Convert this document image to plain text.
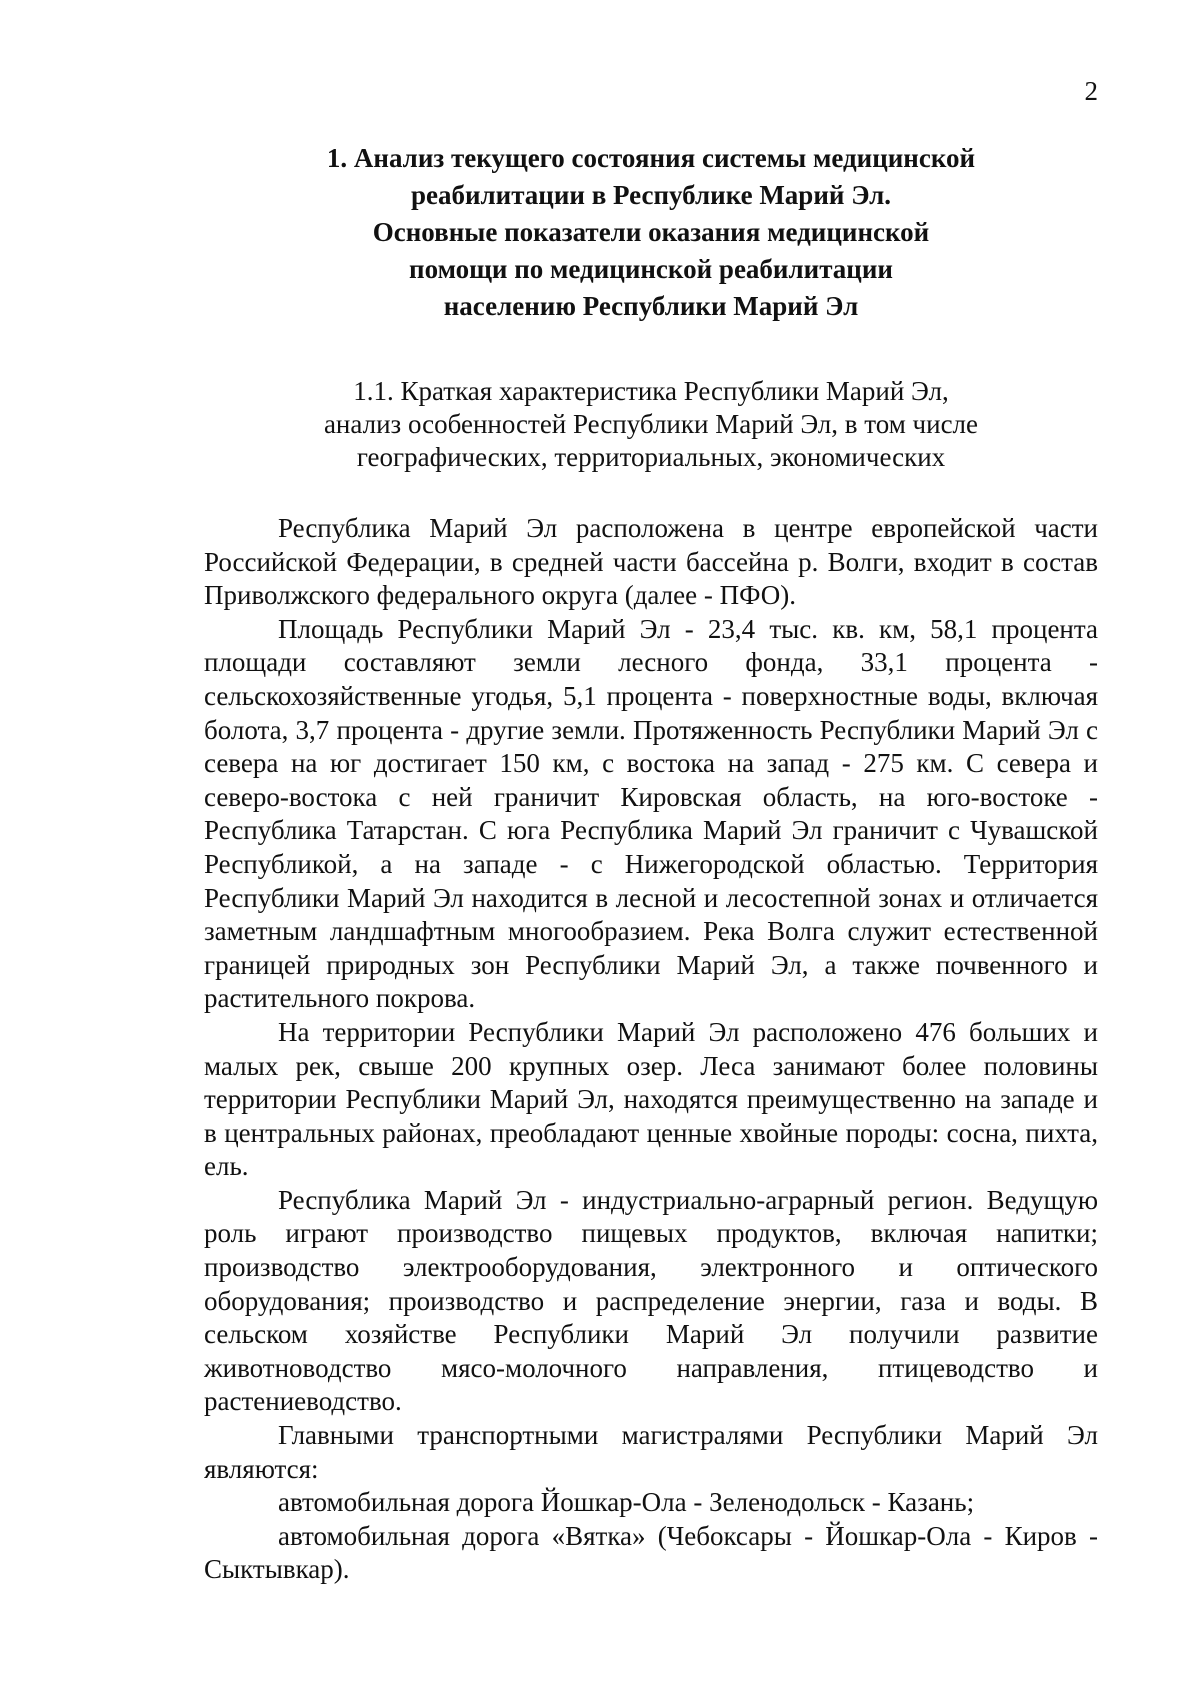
2
1. Анализ текущего состояния системы медицинской
реабилитации в Республике Марий Эл.
Основные показатели оказания медицинской
помощи по медицинской реабилитации
населению Республики Марий Эл
1.1. Краткая характеристика Республики Марий Эл,
анализ особенностей Республики Марий Эл, в том числе
географических, территориальных, экономических

Республика Марий Эл расположена в центре европейской части Российской Федерации, в средней части бассейна р. Волги, входит в состав Приволжского федерального округа (далее - ПФО).

Площадь Республики Марий Эл - 23,4 тыс. кв. км, 58,1 процента площади составляют земли лесного фонда, 33,1 процента - сельскохозяйственные угодья, 5,1 процента - поверхностные воды, включая болота, 3,7 процента - другие земли. Протяженность Республики Марий Эл с севера на юг достигает 150 км, с востока на запад - 275 км. С севера и северо-востока с ней граничит Кировская область, на юго-востоке - Республика Татарстан. С юга Республика Марий Эл граничит с Чувашской Республикой, а на западе - с Нижегородской областью. Территория Республики Марий Эл находится в лесной и лесостепной зонах и отличается заметным ландшафтным многообразием. Река Волга служит естественной границей природных зон Республики Марий Эл, а также почвенного и растительного покрова.

На территории Республики Марий Эл расположено 476 больших и малых рек, свыше 200 крупных озер. Леса занимают более половины территории Республики Марий Эл, находятся преимущественно на западе и в центральных районах, преобладают ценные хвойные породы: сосна, пихта, ель.

Республика Марий Эл - индустриально-аграрный регион. Ведущую роль играют производство пищевых продуктов, включая напитки; производство электрооборудования, электронного и оптического оборудования; производство и распределение энергии, газа и воды. В сельском хозяйстве Республики Марий Эл получили развитие животноводство мясо-молочного направления, птицеводство и растениеводство.

Главными транспортными магистралями Республики Марий Эл являются:

автомобильная дорога Йошкар-Ола - Зеленодольск - Казань;

автомобильная дорога «Вятка» (Чебоксары - Йошкар-Ола - Киров - Сыктывкар).
